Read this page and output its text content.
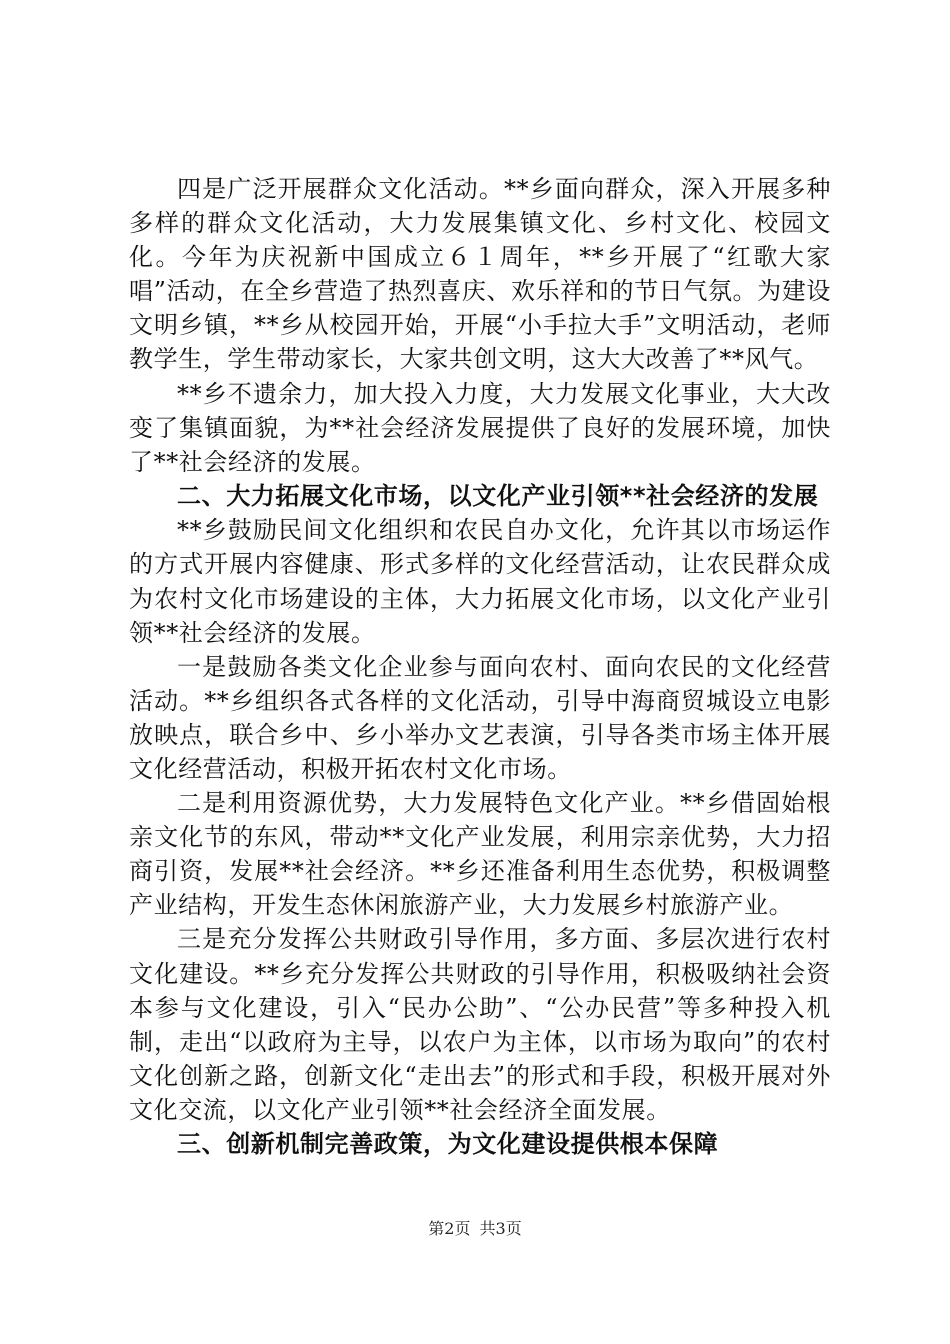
四是广泛开展群众文化活动。**乡面向群众，深入开展多种多样的群众文化活动，大力发展集镇文化、乡村文化、校园文化。今年为庆祝新中国成立６１周年，**乡开展了“红歌大家唱”活动，在全乡营造了热烈喜庆、欢乐祥和的节日气氛。为建设文明乡镇，**乡从校园开始，开展“小手拉大手”文明活动，老师教学生，学生带动家长，大家共创文明，这大大改善了**风气。

**乡不遗余力，加大投入力度，大力发展文化事业，大大改变了集镇面貌，为**社会经济发展提供了良好的发展环境，加快了**社会经济的发展。

二、大力拓展文化市场，以文化产业引领**社会经济的发展

**乡鼓励民间文化组织和农民自办文化，允许其以市场运作的方式开展内容健康、形式多样的文化经营活动，让农民群众成为农村文化市场建设的主体，大力拓展文化市场，以文化产业引领**社会经济的发展。

一是鼓励各类文化企业参与面向农村、面向农民的文化经营活动。**乡组织各式各样的文化活动，引导中海商贸城设立电影放映点，联合乡中、乡小举办文艺表演，引导各类市场主体开展文化经营活动，积极开拓农村文化市场。

二是利用资源优势，大力发展特色文化产业。**乡借固始根亲文化节的东风，带动**文化产业发展，利用宗亲优势，大力招商引资，发展**社会经济。**乡还准备利用生态优势，积极调整产业结构，开发生态休闲旅游产业，大力发展乡村旅游产业。

三是充分发挥公共财政引导作用，多方面、多层次进行农村文化建设。**乡充分发挥公共财政的引导作用，积极吸纳社会资本参与文化建设，引入“民办公助”、“公办民营”等多种投入机制，走出“以政府为主导，以农户为主体，以市场为取向”的农村文化创新之路，创新文化“走出去”的形式和手段，积极开展对外文化交流，以文化产业引领**社会经济全面发展。

三、创新机制完善政策，为文化建设提供根本保障

第2页 共3页
